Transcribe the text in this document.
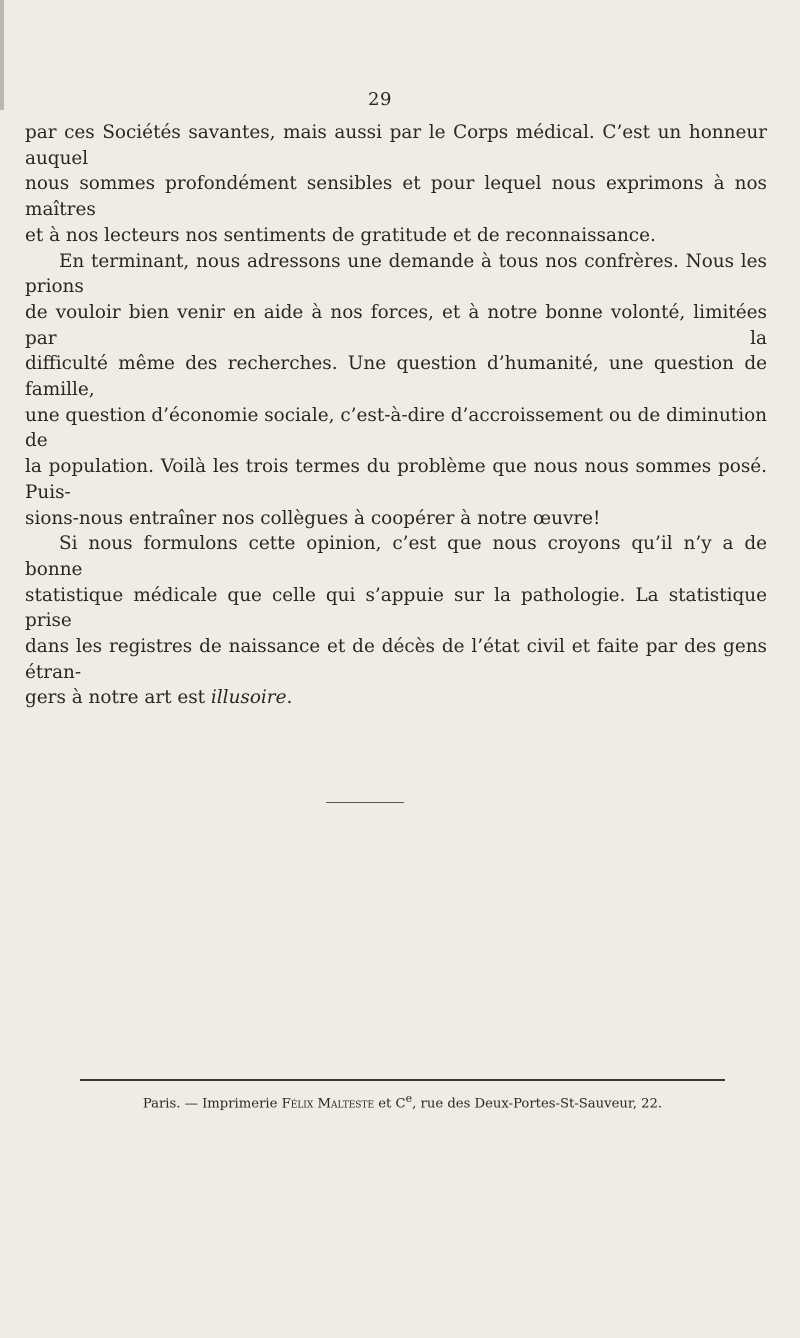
29

par ces Sociétés savantes, mais aussi par le Corps médical. C’est un honneur auquel

nous sommes profondément sensibles et pour lequel nous exprimons à nos maîtres

et à nos lecteurs nos sentiments de gratitude et de reconnaissance.

En terminant, nous adressons une demande à tous nos confrères. Nous les prions

de vouloir bien venir en aide à nos forces, et à notre bonne volonté, limitées par la

difficulté même des recherches. Une question d’humanité, une question de famille,

une question d’économie sociale, c’est-à-dire d’accroissement ou de diminution de

la population. Voilà les trois termes du problème que nous nous sommes posé. Puis-

sions-nous entraîner nos collègues à coopérer à notre œuvre!

Si nous formulons cette opinion, c’est que nous croyons qu’il n’y a de bonne

statistique médicale que celle qui s’appuie sur la pathologie. La statistique prise

dans les registres de naissance et de décès de l’état civil et faite par des gens étran-

gers à notre art est illusoire.

Paris. — Imprimerie Félix Malteste et Ce, rue des Deux-Portes-St-Sauveur, 22.
